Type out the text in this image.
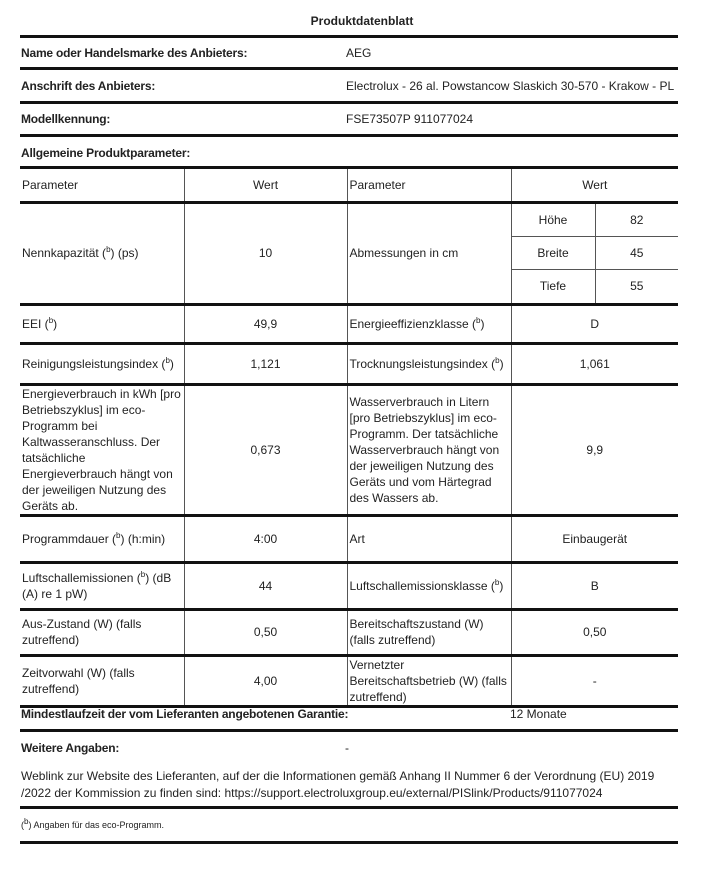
Produktdatenblatt
Name oder Handelsmarke des Anbieters:	AEG
Anschrift des Anbieters:	Electrolux - 26 al. Powstancow Slaskich 30-570 - Krakow - PL
Modellkennung:	FSE73507P 911077024
Allgemeine Produktparameter:
Parameter	Wert	Parameter	Wert
Nennkapazität ($^b$) (ps)	10	Abmessungen in cm	
Höhe	82
Breite	45
Tiefe	55

EEI ($^b$)	49,9	Energieeffizienzklasse ($^b$)	D
Reinigungsleistungsindex ($^b$)	1,121	Trocknungsleistungsindex ($^b$)	1,061
Energieverbrauch in kWh [pro Betriebszyklus] im eco-Programm bei Kaltwasseranschluss. Der tatsächliche Energieverbrauch hängt von der jeweiligen Nutzung des Geräts ab.	0,673	Wasserverbrauch in Litern [pro Betriebszyklus] im eco-Programm. Der tatsächliche Wasserverbrauch hängt von der jeweiligen Nutzung des Geräts und vom Härtegrad des Wassers ab.	9,9
Programmdauer ($^b$) (h:min)	4:00	Art	Einbaugerät
Luftschallemissionen ($^b$) (dB (A) re 1 pW)	44	Luftschallemissionsklasse ($^b$)	B
Aus-Zustand (W) (falls zutreffend)	0,50	Bereitschaftszustand (W) (falls zutreffend)	0,50
Zeitvorwahl (W) (falls zutreffend)	4,00	Vernetzter Bereitschaftsbetrieb (W) (falls zutreffend)	-
Mindestlaufzeit der vom Lieferanten angebotenen Garantie:	12 Monate
Weitere Angaben:	-
Weblink zur Website des Lieferanten, auf der die Informationen gemäß Anhang II Nummer 6 der Verordnung (EU) 2019 /2022 der Kommission zu finden sind: https://support.electroluxgroup.eu/external/PISlink/Products/911077024
($^b$) Angaben für das eco-Programm.
